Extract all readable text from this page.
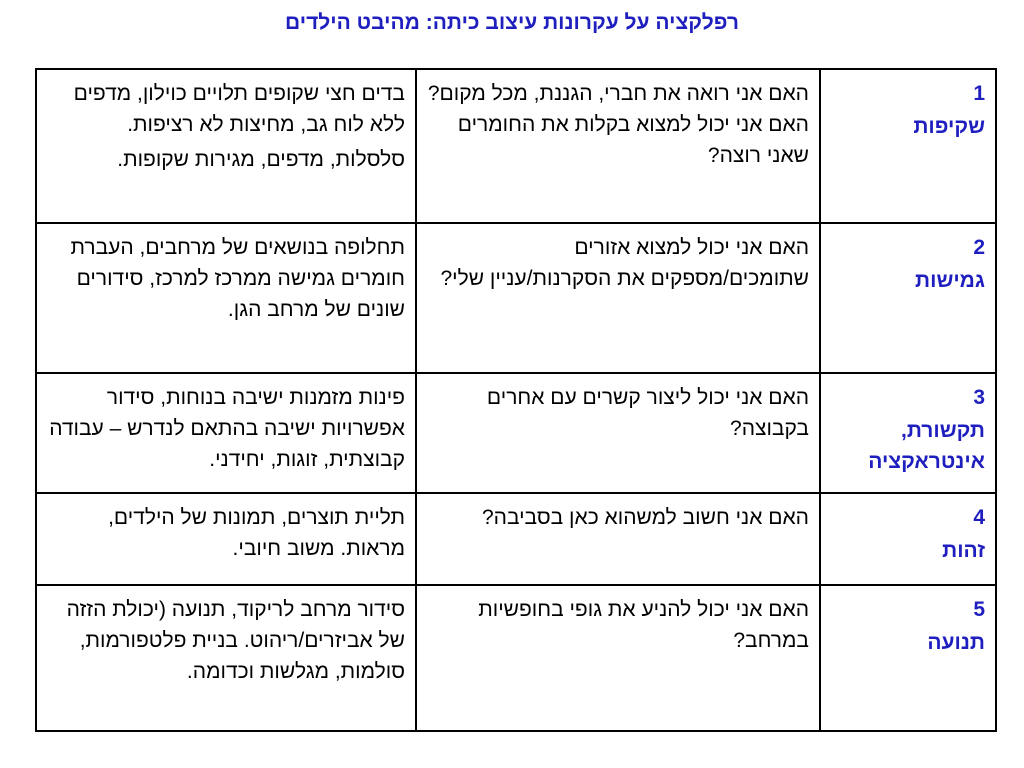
רפלקציה על עקרונות עיצוב כיתה: מהיבט הילדים
1
שקיפות	האם אני רואה את חברי, הגננת, מכל מקום? האם אני יכול למצוא בקלות את החומרים שאני רוצה?	בדים חצי שקופים תלויים כוילון, מדפים ללא לוח גב, מחיצות לא רציפות.
סלסלות, מדפים, מגירות שקופות.

2
גמישות	האם אני יכול למצוא אזורים שתומכים/מספקים את הסקרנות/עניין שלי?	תחלופה בנושאים של מרחבים, העברת חומרים גמישה ממרכז למרכז, סידורים שונים של מרחב הגן.

3
תקשורת, אינטראקציה	האם אני יכול ליצור קשרים עם אחרים בקבוצה?	פינות מזמנות ישיבה בנוחות, סידור אפשרויות ישיבה בהתאם לנדרש – עבודה קבוצתית, זוגות, יחידני.

4
זהות	האם אני חשוב למשהוא כאן בסביבה?	תליית תוצרים, תמונות של הילדים, מראות. משוב חיובי.

5
תנועה	האם אני יכול להניע את גופי בחופשיות במרחב?	סידור מרחב לריקוד, תנועה (יכולת הזזה של אביזרים/ריהוט. בניית פלטפורמות, סולמות, מגלשות וכדומה.
